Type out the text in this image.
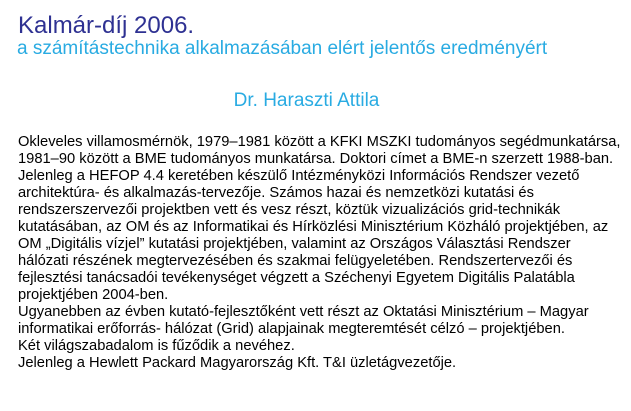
Kalmár-díj 2006.
a számítástechnika alkalmazásában elért jelentős eredményért
Dr. Haraszti Attila
Okleveles villamosmérnök, 1979–1981 között a KFKI MSZKI tudományos segédmunkatársa,
1981–90 között a BME tudományos munkatársa. Doktori címet a BME-n szerzett 1988-ban.
Jelenleg a HEFOP 4.4 keretében készülő Intézményközi Információs Rendszer vezető
architektúra- és alkalmazás-tervezője. Számos hazai és nemzetközi kutatási és
rendszerszervezői projektben vett és vesz részt, köztük vizualizációs grid-technikák
kutatásában, az OM és az Informatikai és Hírközlési Minisztérium Közháló projektjében, az
OM „Digitális vízjel” kutatási projektjében, valamint az Országos Választási Rendszer
hálózati részének megtervezésében és szakmai felügyeletében. Rendszertervezői és
fejlesztési tanácsadói tevékenységet végzett a Széchenyi Egyetem Digitális Palatábla
projektjében 2004-ben.
Ugyanebben az évben kutató-fejlesztőként vett részt az Oktatási Minisztérium – Magyar
informatikai erőforrás- hálózat (Grid) alapjainak megteremtését célzó – projektjében.
Két világszabadalom is fűződik a nevéhez.
Jelenleg a Hewlett Packard Magyarország Kft. T&I üzletágvezetője.
